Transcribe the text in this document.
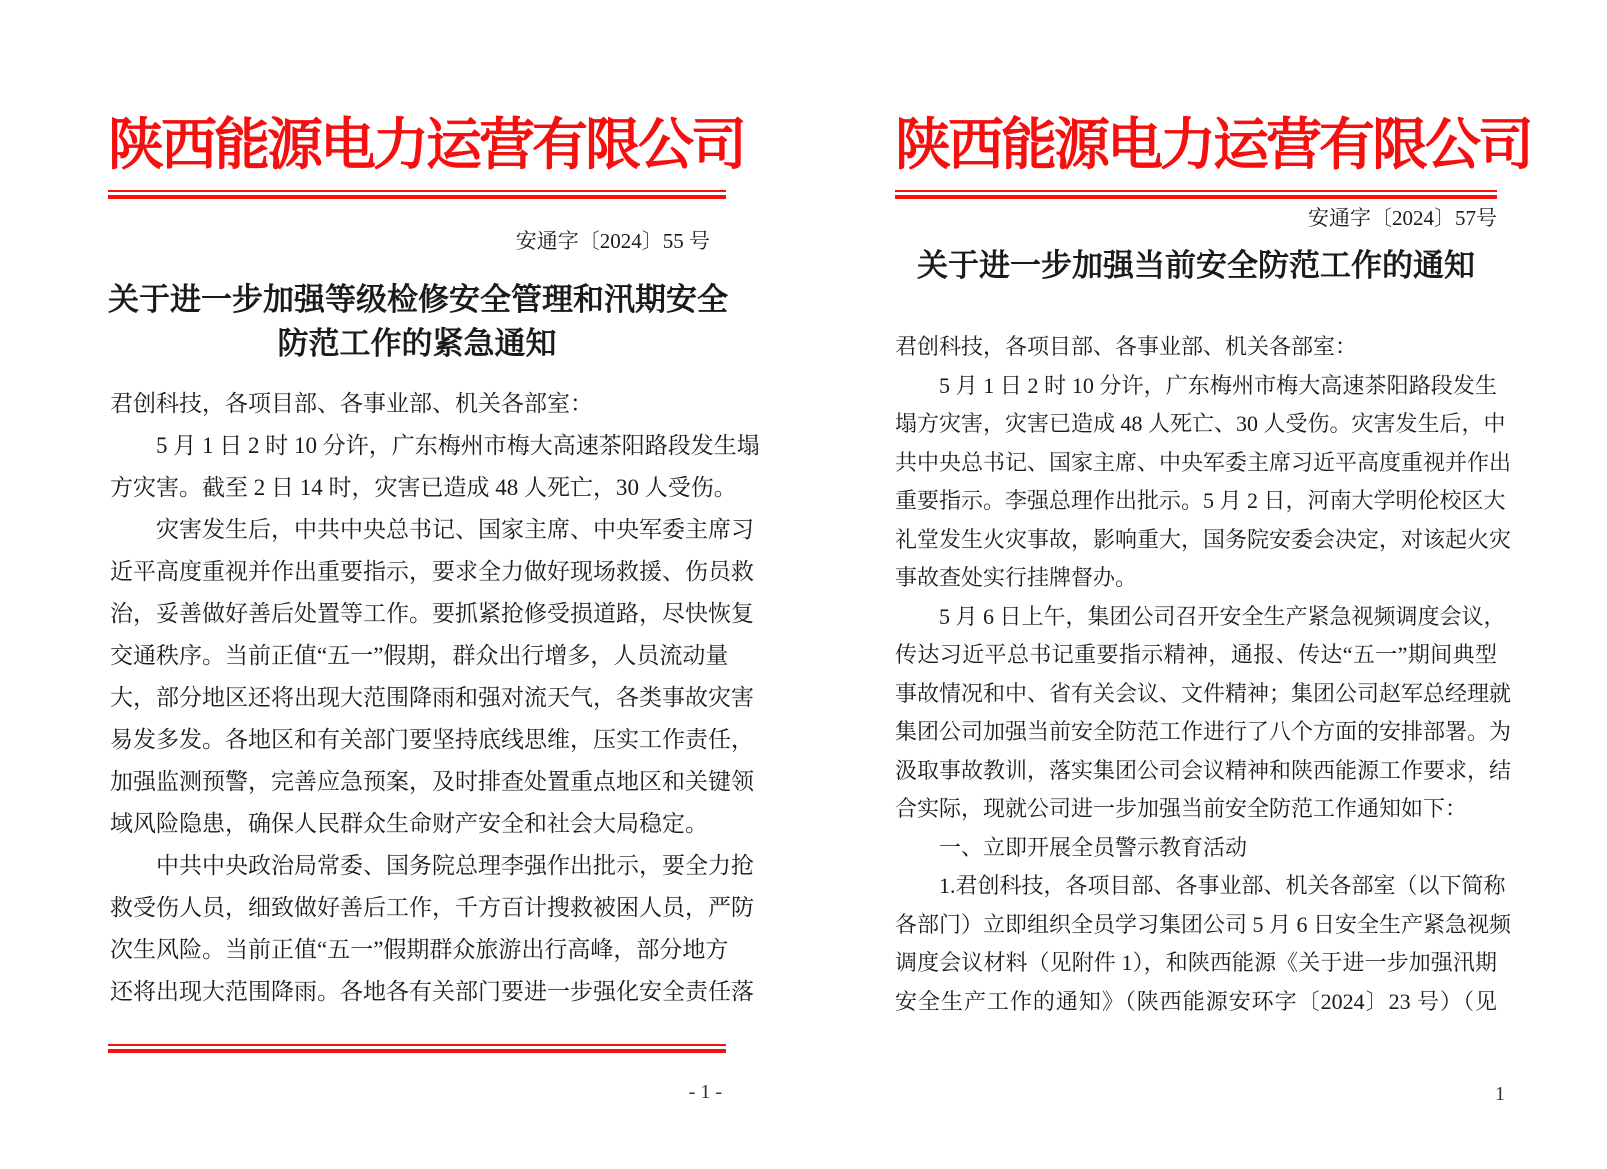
陕西能源电力运营有限公司
安通字〔2024〕55 号
关于进一步加强等级检修安全管理和汛期安全
防范工作的紧急通知
君创科技，各项目部、各事业部、机关各部室：
5 月 1 日 2 时 10 分许，广东梅州市梅大高速茶阳路段发生塌
方灾害。截至 2 日 14 时，灾害已造成 48 人死亡，30 人受伤。
灾害发生后，中共中央总书记、国家主席、中央军委主席习
近平高度重视并作出重要指示，要求全力做好现场救援、伤员救
治，妥善做好善后处置等工作。要抓紧抢修受损道路，尽快恢复
交通秩序。当前正值“五一”假期，群众出行增多，人员流动量
大，部分地区还将出现大范围降雨和强对流天气，各类事故灾害
易发多发。各地区和有关部门要坚持底线思维，压实工作责任，
加强监测预警，完善应急预案，及时排查处置重点地区和关键领
域风险隐患，确保人民群众生命财产安全和社会大局稳定。
中共中央政治局常委、国务院总理李强作出批示，要全力抢
救受伤人员，细致做好善后工作，千方百计搜救被困人员，严防
次生风险。当前正值“五一”假期群众旅游出行高峰，部分地方
还将出现大范围降雨。各地各有关部门要进一步强化安全责任落
- 1 -
陕西能源电力运营有限公司
安通字〔2024〕57号
关于进一步加强当前安全防范工作的通知
君创科技，各项目部、各事业部、机关各部室：
5 月 1 日 2 时 10 分许，广东梅州市梅大高速茶阳路段发生
塌方灾害，灾害已造成 48 人死亡、30 人受伤。灾害发生后，中
共中央总书记、国家主席、中央军委主席习近平高度重视并作出
重要指示。李强总理作出批示。5 月 2 日，河南大学明伦校区大
礼堂发生火灾事故，影响重大，国务院安委会决定，对该起火灾
事故查处实行挂牌督办。
5 月 6 日上午，集团公司召开安全生产紧急视频调度会议，
传达习近平总书记重要指示精神，通报、传达“五一”期间典型
事故情况和中、省有关会议、文件精神；集团公司赵军总经理就
集团公司加强当前安全防范工作进行了八个方面的安排部署。为
汲取事故教训，落实集团公司会议精神和陕西能源工作要求，结
合实际，现就公司进一步加强当前安全防范工作通知如下：
一、立即开展全员警示教育活动
1.君创科技，各项目部、各事业部、机关各部室（以下简称
各部门）立即组织全员学习集团公司 5 月 6 日安全生产紧急视频
调度会议材料（见附件 1），和陕西能源《关于进一步加强汛期
安全生产工作的通知》（陕西能源安环字〔2024〕23 号）（见
1
